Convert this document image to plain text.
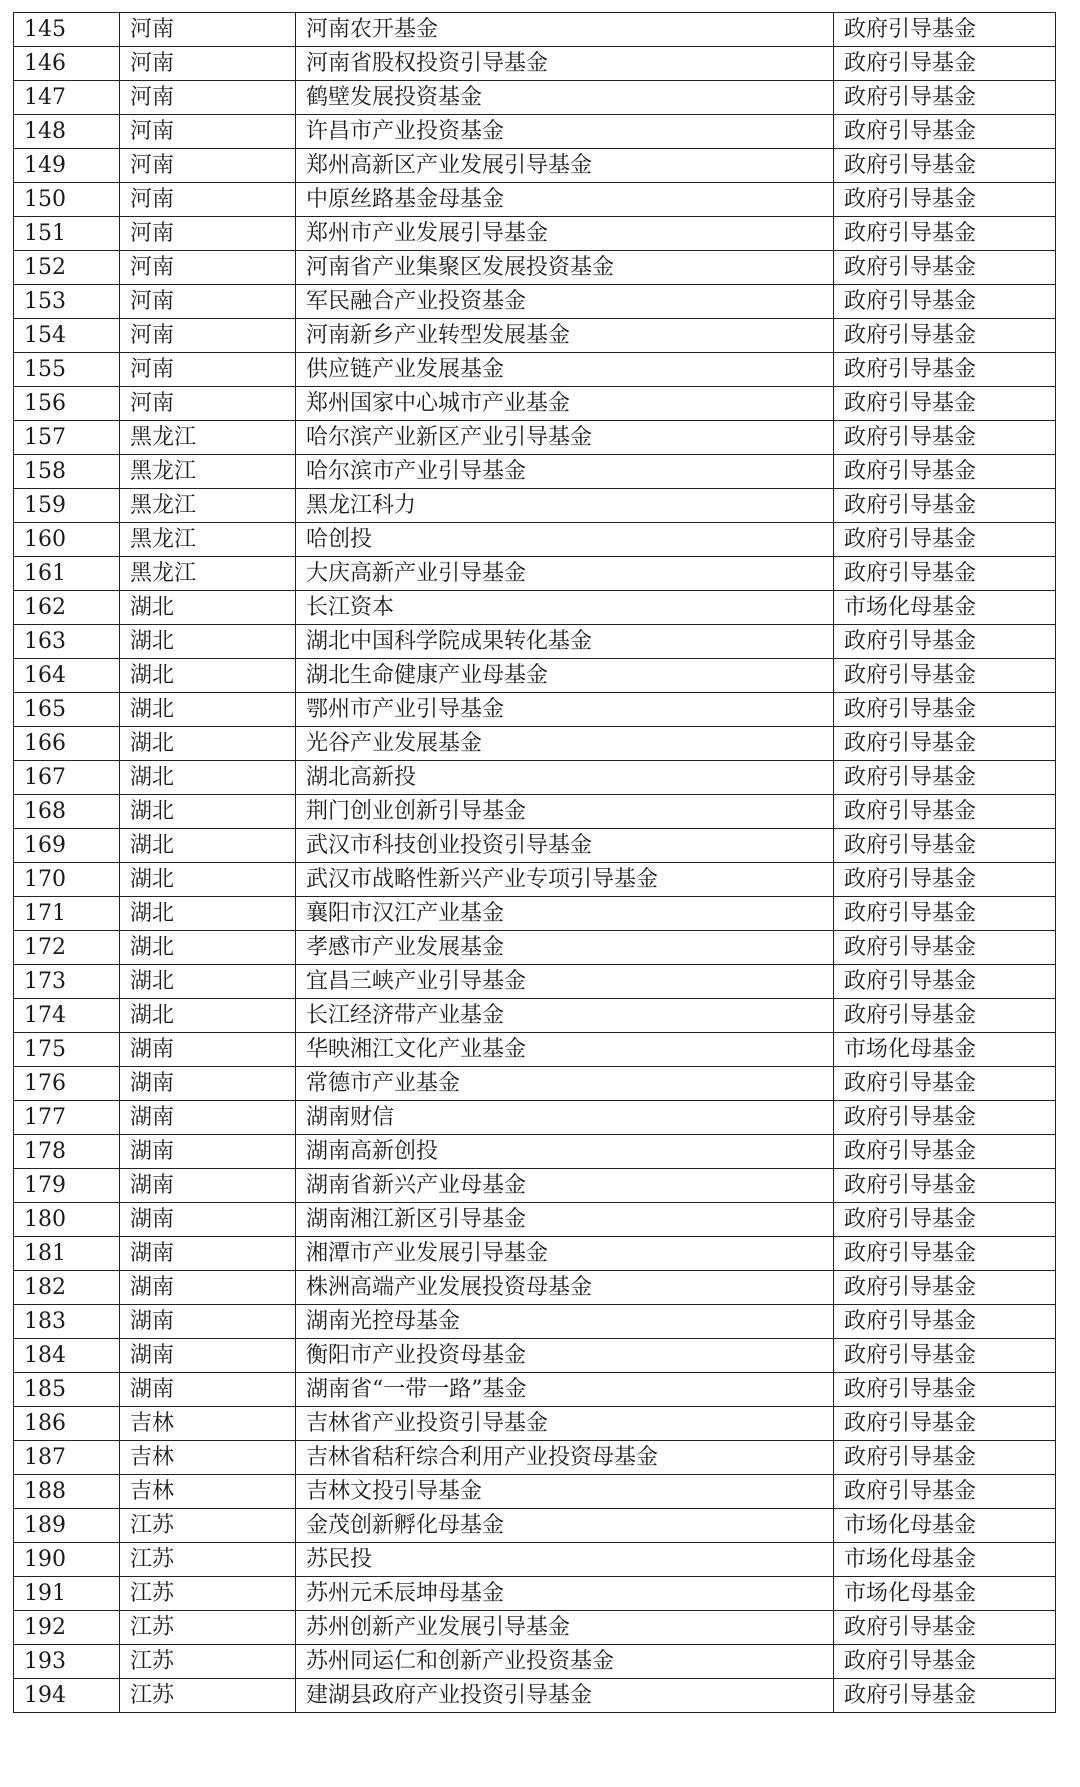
145	河南	河南农开基金	政府引导基金
146	河南	河南省股权投资引导基金	政府引导基金
147	河南	鹤壁发展投资基金	政府引导基金
148	河南	许昌市产业投资基金	政府引导基金
149	河南	郑州高新区产业发展引导基金	政府引导基金
150	河南	中原丝路基金母基金	政府引导基金
151	河南	郑州市产业发展引导基金	政府引导基金
152	河南	河南省产业集聚区发展投资基金	政府引导基金
153	河南	军民融合产业投资基金	政府引导基金
154	河南	河南新乡产业转型发展基金	政府引导基金
155	河南	供应链产业发展基金	政府引导基金
156	河南	郑州国家中心城市产业基金	政府引导基金
157	黑龙江	哈尔滨产业新区产业引导基金	政府引导基金
158	黑龙江	哈尔滨市产业引导基金	政府引导基金
159	黑龙江	黑龙江科力	政府引导基金
160	黑龙江	哈创投	政府引导基金
161	黑龙江	大庆高新产业引导基金	政府引导基金
162	湖北	长江资本	市场化母基金
163	湖北	湖北中国科学院成果转化基金	政府引导基金
164	湖北	湖北生命健康产业母基金	政府引导基金
165	湖北	鄂州市产业引导基金	政府引导基金
166	湖北	光谷产业发展基金	政府引导基金
167	湖北	湖北高新投	政府引导基金
168	湖北	荆门创业创新引导基金	政府引导基金
169	湖北	武汉市科技创业投资引导基金	政府引导基金
170	湖北	武汉市战略性新兴产业专项引导基金	政府引导基金
171	湖北	襄阳市汉江产业基金	政府引导基金
172	湖北	孝感市产业发展基金	政府引导基金
173	湖北	宜昌三峡产业引导基金	政府引导基金
174	湖北	长江经济带产业基金	政府引导基金
175	湖南	华映湘江文化产业基金	市场化母基金
176	湖南	常德市产业基金	政府引导基金
177	湖南	湖南财信	政府引导基金
178	湖南	湖南高新创投	政府引导基金
179	湖南	湖南省新兴产业母基金	政府引导基金
180	湖南	湖南湘江新区引导基金	政府引导基金
181	湖南	湘潭市产业发展引导基金	政府引导基金
182	湖南	株洲高端产业发展投资母基金	政府引导基金
183	湖南	湖南光控母基金	政府引导基金
184	湖南	衡阳市产业投资母基金	政府引导基金
185	湖南	湖南省“一带一路”基金	政府引导基金
186	吉林	吉林省产业投资引导基金	政府引导基金
187	吉林	吉林省秸秆综合利用产业投资母基金	政府引导基金
188	吉林	吉林文投引导基金	政府引导基金
189	江苏	金茂创新孵化母基金	市场化母基金
190	江苏	苏民投	市场化母基金
191	江苏	苏州元禾辰坤母基金	市场化母基金
192	江苏	苏州创新产业发展引导基金	政府引导基金
193	江苏	苏州同运仁和创新产业投资基金	政府引导基金
194	江苏	建湖县政府产业投资引导基金	政府引导基金
